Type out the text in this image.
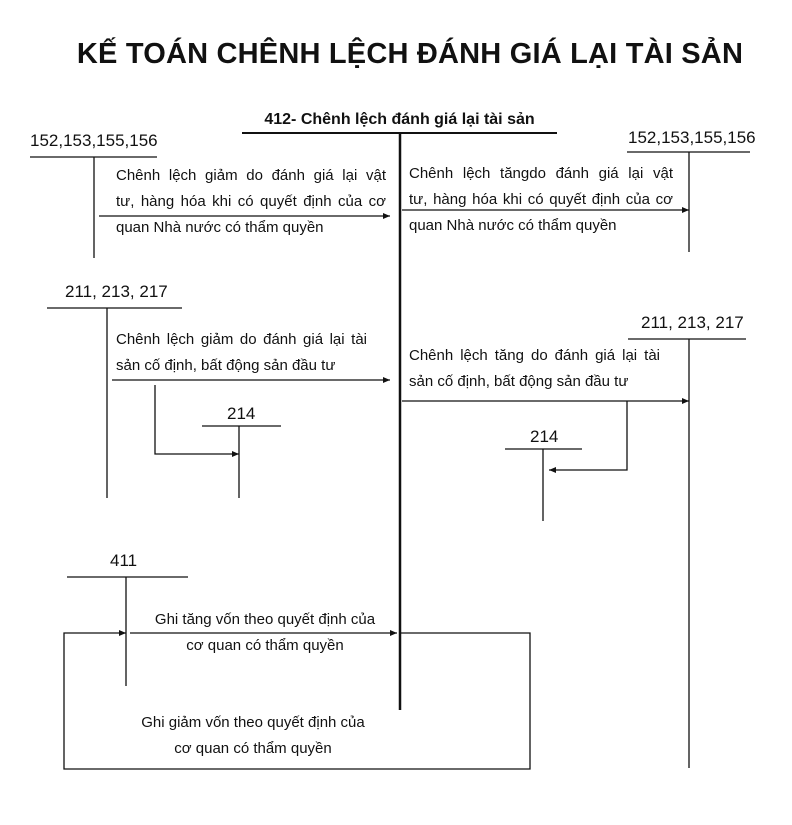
KẾ TOÁN CHÊNH LỆCH ĐÁNH GIÁ LẠI TÀI SẢN
412- Chênh lệch đánh giá lại tài sản
152,153,155,156	152,153,155,156
211, 213, 217
211, 213, 217
214
214
411
Chênh lệch giảm do đánh giá lại vật
tư, hàng hóa khi có quyết định của cơ
quan Nhà nước có thẩm quyền
Chênh lệch tăngdo đánh giá lại vật
tư, hàng hóa khi có quyết định của cơ
quan Nhà nước có thẩm quyền
Chênh lệch giảm do đánh giá lại tài
sản cố định, bất động sản đầu tư
Chênh lệch tăng do đánh giá lại tài
sản cố định, bất động sản đầu tư
Ghi tăng vốn theo quyết định của
cơ quan có thẩm quyền
Ghi giảm vốn theo quyết định của
cơ quan có thẩm quyền
